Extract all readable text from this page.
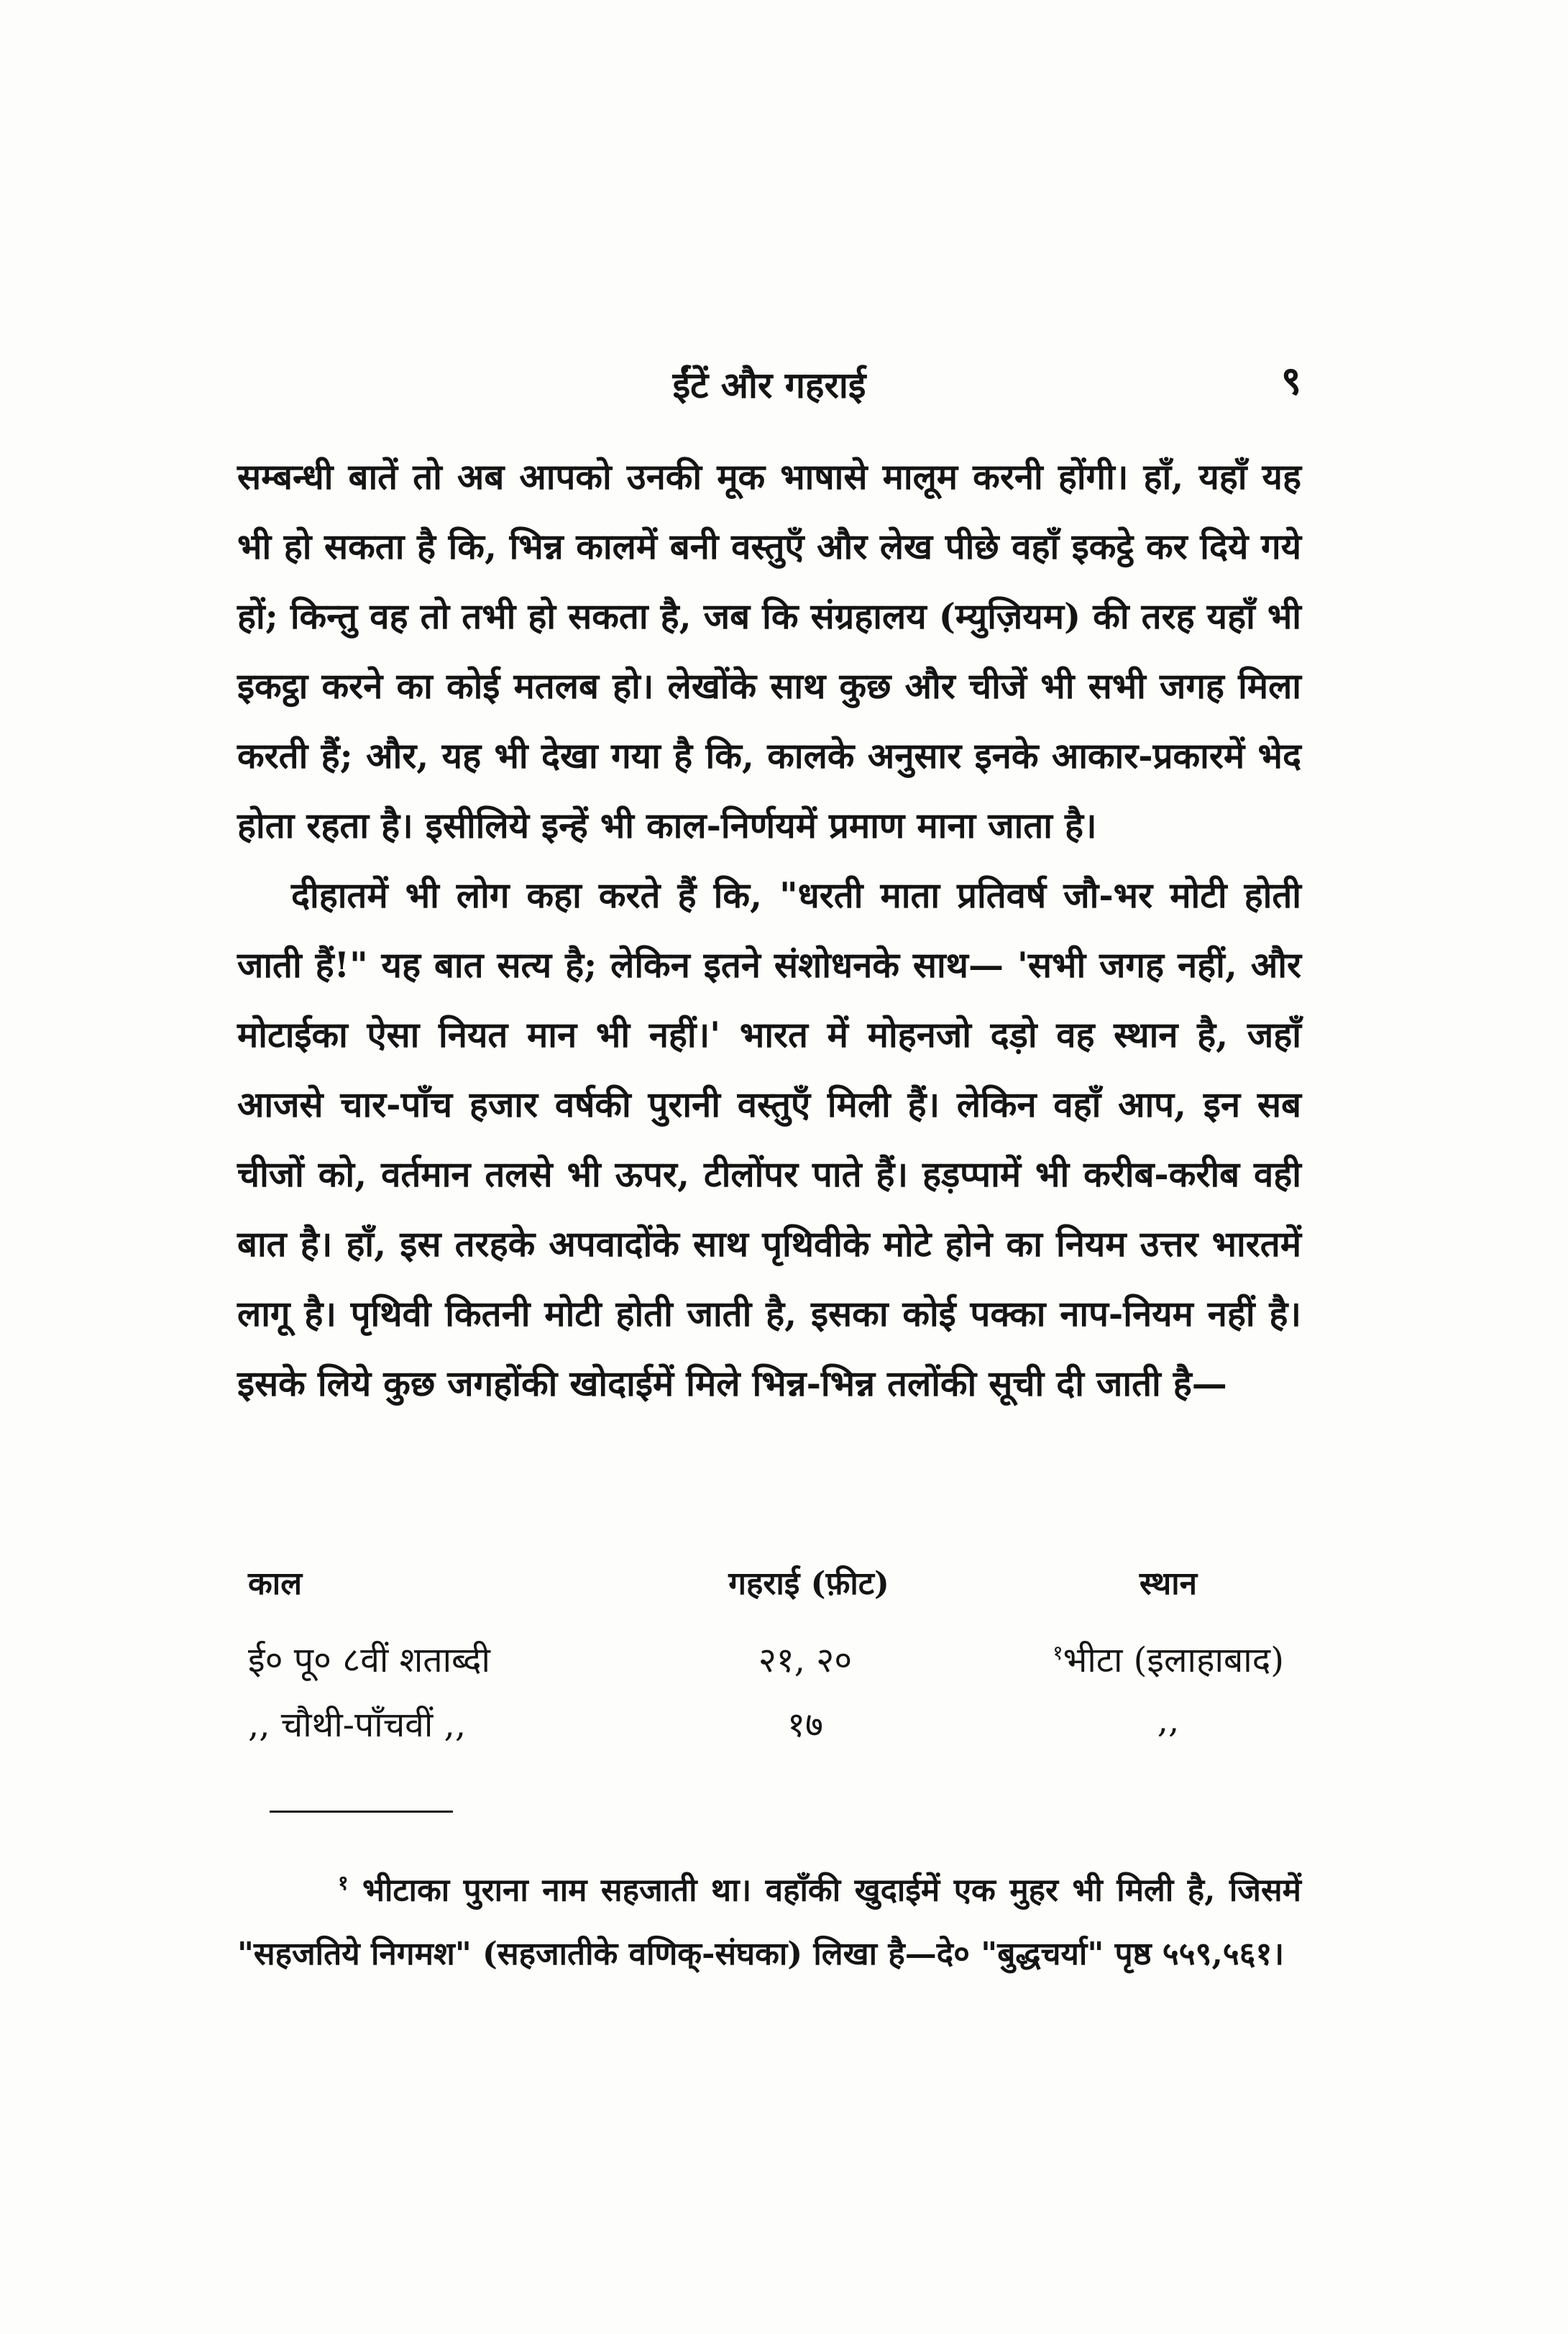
ईंटें और गहराई	९

सम्बन्धी बातें तो अब आपको उनकी मूक भाषासे मालूम करनी होंगी। हाँ, यहाँ यह भी हो सकता है कि, भिन्न कालमें बनी वस्तुएँ और लेख पीछे वहाँ इकट्ठे कर दिये गये हों; किन्तु वह तो तभी हो सकता है, जब कि संग्रहालय (म्युज़ियम) की तरह यहाँ भी इकट्ठा करने का कोई मतलब हो। लेखोंके साथ कुछ और चीजें भी सभी जगह मिला करती हैं; और, यह भी देखा गया है कि, कालके अनुसार इनके आकार-प्रकारमें भेद होता रहता है। इसीलिये इन्हें भी काल-निर्णयमें प्रमाण माना जाता है।

दीहातमें भी लोग कहा करते हैं कि, "धरती माता प्रतिवर्ष जौ-भर मोटी होती जाती हैं!" यह बात सत्य है; लेकिन इतने संशोधनके साथ— 'सभी जगह नहीं, और मोटाईका ऐसा नियत मान भी नहीं।' भारत में मोहनजो दड़ो वह स्थान है, जहाँ आजसे चार-पाँच हजार वर्षकी पुरानी वस्तुएँ मिली हैं। लेकिन वहाँ आप, इन सब चीजों को, वर्तमान तलसे भी ऊपर, टीलोंपर पाते हैं। हड़प्पामें भी करीब-करीब वही बात है। हाँ, इस तरहके अपवादोंके साथ पृथिवीके मोटे होने का नियम उत्तर भारतमें लागू है। पृथिवी कितनी मोटी होती जाती है, इसका कोई पक्का नाप-नियम नहीं है। इसके लिये कुछ जगहोंकी खोदाईमें मिले भिन्न-भिन्न तलोंकी सूची दी जाती है—

काल	गहराई (फ़ीट)	स्थान
ई० पू० ८वीं शताब्दी	२१, २०	$^१$भीटा (इलाहाबाद)
,, चौथी-पाँचवीं ,,	१७	,,

$^१$ भीटाका पुराना नाम सहजाती था। वहाँकी खुदाईमें एक मुहर भी मिली है, जिसमें "सहजतिये निगमश" (सहजातीके वणिक्-संघका) लिखा है—दे० "बुद्धचर्या" पृष्ठ ५५९,५६१।
